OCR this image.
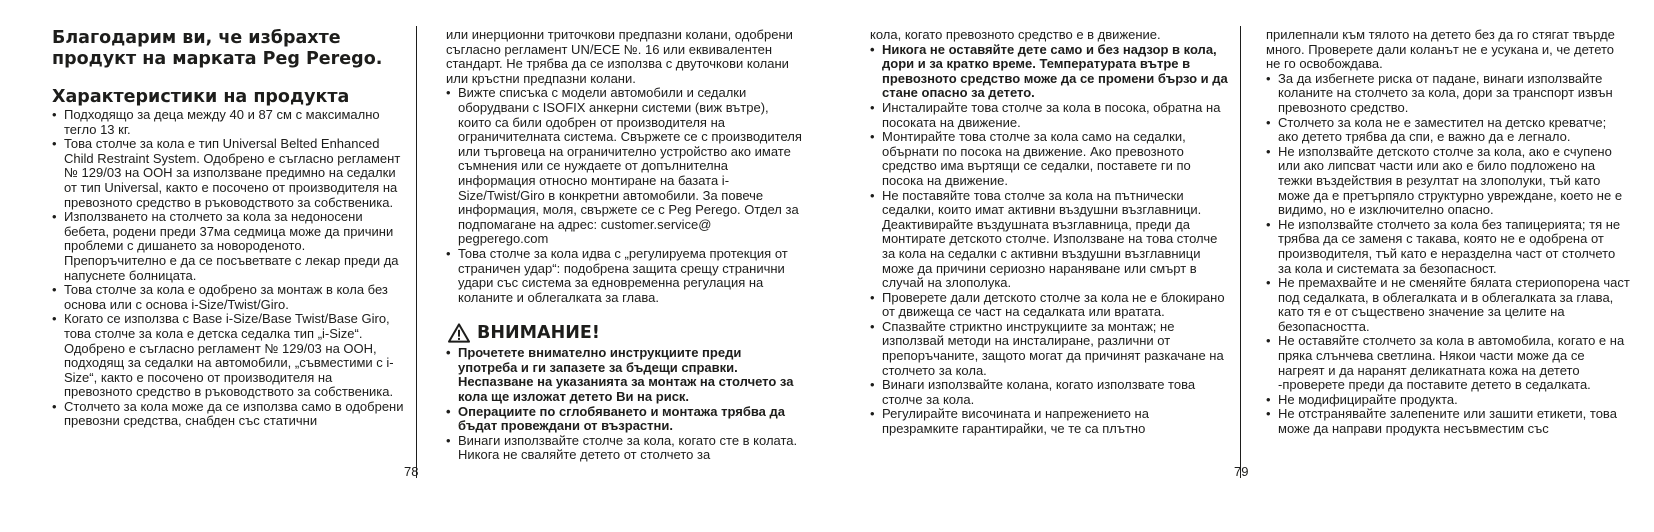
Благодарим ви, че избрахте продукт на марката Peg Perego.
Характеристики на продукта
• Подходящо за деца между 40 и 87 см с максимално тегло 13 кг.
• Това столче за кола е тип Universal Belted Enhanced Child Restraint System. Одобрено е съгласно регламент № 129/03 на ООН за използване предимно на седалки от тип Universal, както е посочено от производителя на превозното средство в ръководството за собственика.
• Използването на столчето за кола за недоносени бебета, родени преди 37ма седмица може да причини проблеми с дишането за новороденото. Препоръчително е да се посъветвате с лекар преди да напуснете болницата.
• Това столче за кола е одобрено за монтаж в кола без основа или с основа i-Size/Twist/Giro.
• Когато се използва с Base i-Size/Base Twist/Base Giro, това столче за кола е детска седалка тип „i-Size“. Одобрено е съгласно регламент № 129/03 на ООН, подходящ за седалки на автомобили, „съвместими с i-Size“, както е посочено от производителя на превозното средство в ръководството за собственика.
• Столчето за кола може да се използва само в одобрени превозни средства, снабден със статични

или инерционни триточкови предпазни колани, одобрени съгласно регламент UN/ECE №. 16 или еквивалентен стандарт. Не трябва да се използва с двуточкови колани или кръстни предпазни колани.

• Вижте списъка с модели автомобили и седалки оборудвани с ISOFIX анкерни системи (виж вътре), които са били одобрен от производителя на ограничителната система. Свържете се с производителя или търговеца на ограничително устройство ако имате съмнения или се нуждаете от допълнителна информация относно монтиране на базата i-Size/Twist/Giro в конкретни автомобили. За повече информация, моля, свържете се с Peg Perego. Отдел за подпомагане на адрес: customer.service@ pegperego.com
• Това столче за кола идва с „регулируема протекция от страничен удар“: подобрена защита срещу странични удари със система за едновременна регулация на коланите и облегалката за глава.
ВНИМАНИЕ!
• Прочетете внимателно инструкциите преди употреба и ги запазете за бъдещи справки. Неспазване на указанията за монтаж на столчето за кола ще изложат детето Ви на риск.
• Операциите по сглобяването и монтажа трябва да бъдат провеждани от възрастни.
• Винаги използвайте столче за кола, когато сте в колата. Никога не сваляйте детето от столчето за
78

кола, когато превозното средство е в движение.

• Никога не оставяйте дете само и без надзор в кола, дори и за кратко време. Температурата вътре в превозното средство може да се промени бързо и да стане опасно за детето.
• Инсталирайте това столче за кола в посока, обратна на посоката на движение.
• Монтирайте това столче за кола само на седалки, обърнати по посока на движение. Ако превозното средство има въртящи се седалки, поставете ги по посока на движение.
• Не поставяйте това столче за кола на пътнически седалки, които имат активни въздушни възглавници. Деактивирайте въздушната възглавница, преди да монтирате детското столче. Използване на това столче за кола на седалки с активни въздушни възглавници може да причини сериозно нараняване или смърт в случай на злополука.
• Проверете дали детското столче за кола не е блокирано от движеща се част на седалката или вратата.
• Спазвайте стриктно инструкциите за монтаж; не използвай методи на инсталиране, различни от препоръчаните, защото могат да причинят разкачане на столчето за кола.
• Винаги използвайте колана, когато използвате това столче за кола.
• Регулирайте височината и напрежението на презрамките гарантирайки, че те са плътно

прилепнали към тялото на детето без да го стягат твърде много. Проверете дали коланът не е усукана и, че детето не го освобождава.

• За да избегнете риска от падане, винаги използвайте коланите на столчето за кола, дори за транспорт извън превозното средство.
• Столчето за кола не е заместител на детско креватче; ако детето трябва да спи, е важно да е легнало.
• Не използвайте детското столче за кола, ако е счупено или ако липсват части или ако е било подложено на тежки въздействия в резултат на злополуки, тъй като може да е претърпяло структурно увреждане, което не е видимо, но е изключително опасно.
• Не използвайте столчето за кола без тапицерията; тя не трябва да се заменя с такава, която не е одобрена от производителя, тъй като е неразделна част от столчето за кола и системата за безопасност.
• Не премахвайте и не сменяйте бялата стериопорена част под седалката, в облегалката и в облегалката за глава, като тя е от съществено значение за целите на безопасността.
• Не оставяйте столчето за кола в автомобила, когато е на пряка слънчева светлина. Някои части може да се нагреят и да наранят деликатната кожа на детето -проверете преди да поставите детето в седалката.
• Не модифицирайте продукта.
• Не отстранявайте залепените или зашити етикети, това може да направи продукта несъвместим със
79
